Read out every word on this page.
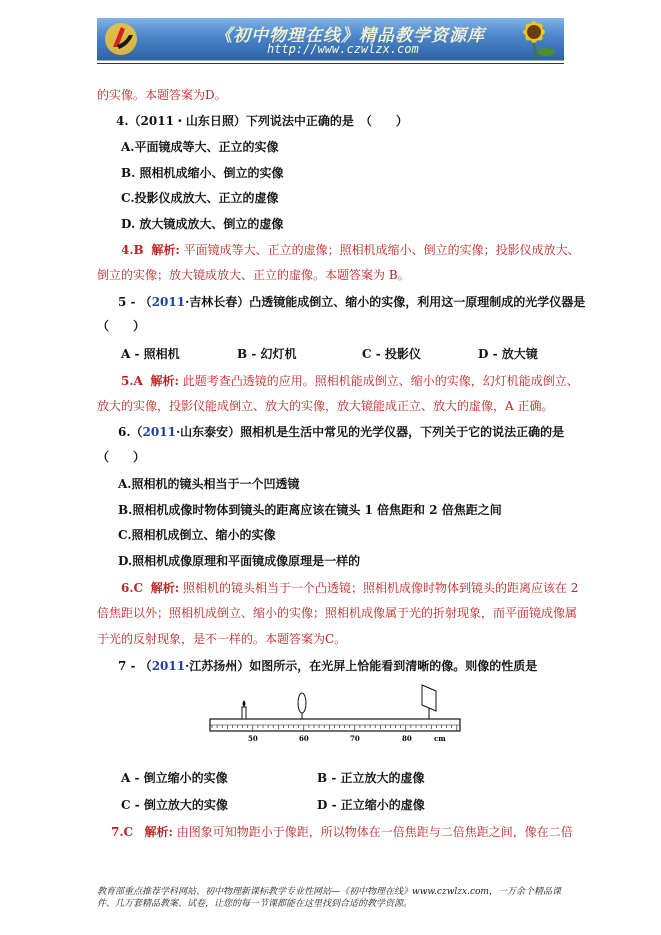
《初中物理在线》精品教学资源库
http://www.czwlzx.com
的实像。本题答案为D。
4.（2011・山东日照）下列说法中正确的是　（　　）
A.平面镜成等大、正立的实像
B. 照相机成缩小、倒立的实像
C.投影仪成放大、正立的虚像
D. 放大镜成放大、倒立的虚像
4.B 解析: 平面镜成等大、正立的虚像；照相机成缩小、倒立的实像；投影仪成放大、
倒立的实像；放大镜成放大、正立的虚像。本题答案为 B。
5 - （2011·吉林长春）凸透镜能成倒立、缩小的实像，利用这一原理制成的光学仪器是
（　　）
A - 照相机	B - 幻灯机	C - 投影仪	D - 放大镜
5.A 解析: 此题考查凸透镜的应用。照相机能成倒立、缩小的实像，幻灯机能成倒立、
放大的实像，投影仪能成倒立、放大的实像，放大镜能成正立、放大的虚像，A 正确。
6.（2011·山东泰安）照相机是生活中常见的光学仪器，下列关于它的说法正确的是
（　　）
A.照相机的镜头相当于一个凹透镜
B.照相机成像时物体到镜头的距离应该在镜头 1 倍焦距和 2 倍焦距之间
C.照相机成倒立、缩小的实像
D.照相机成像原理和平面镜成像原理是一样的
6.C 解析: 照相机的镜头相当于一个凸透镜；照相机成像时物体到镜头的距离应该在 2
倍焦距以外；照相机成倒立、缩小的实像；照相机成像属于光的折射现象，而平面镜成像属
于光的反射现象，是不一样的。本题答案为C。
7 - （2011·江苏扬州）如图所示，在光屏上恰能看到清晰的像。则像的性质是
50	60	70	80	cm
A - 倒立缩小的实像	B - 正立放大的虚像
C - 倒立放大的实像	D - 正立缩小的虚像
7.C 解析: 由图象可知物距小于像距，所以物体在一倍焦距与二倍焦距之间，像在二倍
教育部重点推荐学科网站、初中物理新课标教学专业性网站—《初中物理在线》www.czwlzx.com，一万余个精品课件、几万套精品教案、试卷，让您的每一节课都能在这里找到合适的教学资源。
